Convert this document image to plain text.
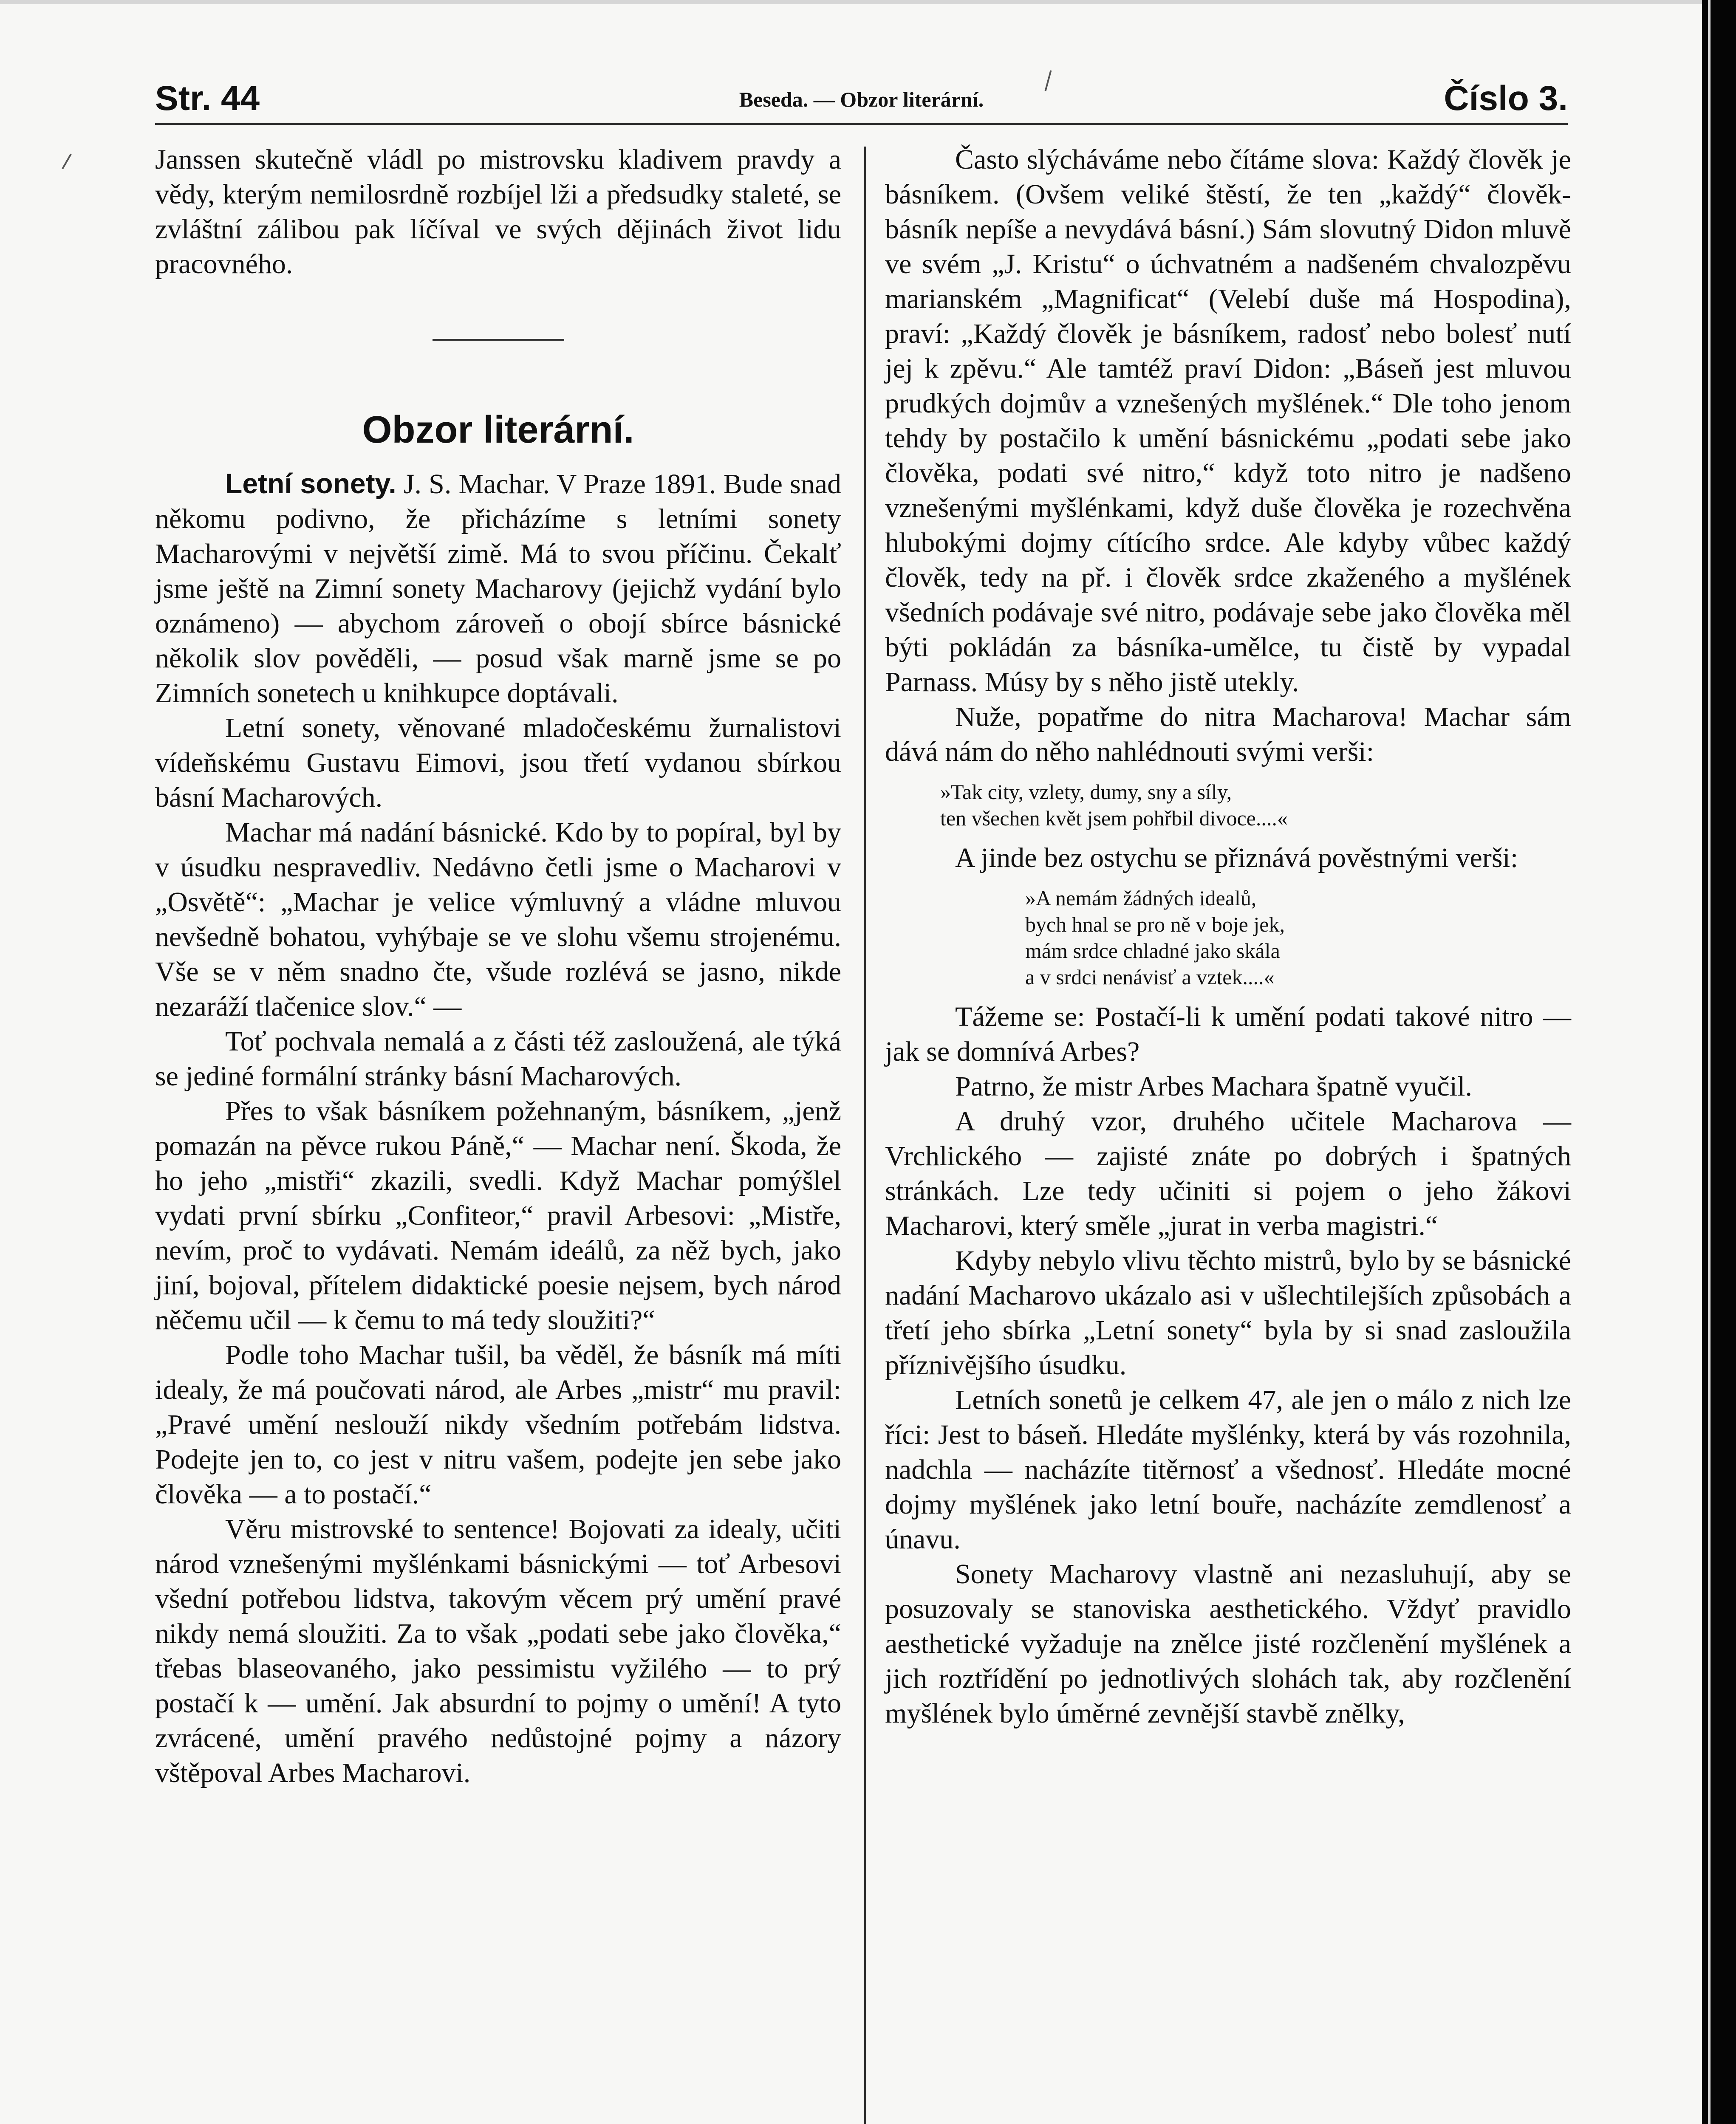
Str. 44	Beseda. — Obzor literární.	Číslo 3.

Janssen skutečně vládl po mistrovsku kladivem pravdy a vědy, kterým nemilosrdně rozbíjel lži a předsudky staleté, se zvláštní zálibou pak líčíval ve svých dějinách život lidu pracovného.

Obzor literární.

Letní sonety. J. S. Machar. V Praze 1891. Bude snad někomu podivno, že přicházíme s letními sonety Macharovými v největší zimě. Má to svou příčinu. Čekalť jsme ještě na Zimní sonety Macharovy (jejichž vydání bylo oznámeno) — abychom zároveň o obojí sbírce básnické několik slov pověděli, — posud však marně jsme se po Zimních sonetech u knihkupce doptávali.

Letní sonety, věnované mladočeskému žurnalistovi vídeňskému Gustavu Eimovi, jsou třetí vydanou sbírkou básní Macharových.

Machar má nadání básnické. Kdo by to popíral, byl by v úsudku nespravedliv. Nedávno četli jsme o Macharovi v „Osvětě“: „Machar je velice výmluvný a vládne mluvou nevšedně bohatou, vyhýbaje se ve slohu všemu strojenému. Vše se v něm snadno čte, všude rozlévá se jasno, nikde nezaráží tlačenice slov.“ —

Toť pochvala nemalá a z části též zasloužená, ale týká se jediné formální stránky básní Macharových.

Přes to však básníkem požehnaným, básníkem, „jenž pomazán na pěvce rukou Páně,“ — Machar není. Škoda, že ho jeho „mistři“ zkazili, svedli. Když Machar pomýšlel vydati první sbírku „Confiteor,“ pravil Arbesovi: „Mistře, nevím, proč to vydávati. Nemám ideálů, za něž bych, jako jiní, bojoval, přítelem didaktické poesie nejsem, bych národ něčemu učil — k čemu to má tedy sloužiti?“

Podle toho Machar tušil, ba věděl, že básník má míti idealy, že má poučovati národ, ale Arbes „mistr“ mu pravil: „Pravé umění neslouží nikdy všedním potřebám lidstva. Podejte jen to, co jest v nitru vašem, podejte jen sebe jako člověka — a to postačí.“

Věru mistrovské to sentence! Bojovati za idealy, učiti národ vznešenými myšlénkami básnickými — toť Arbesovi všední potřebou lidstva, takovým věcem prý umění pravé nikdy nemá sloužiti. Za to však „podati sebe jako člověka,“ třebas blaseovaného, jako pessimistu vyžilého — to prý postačí k — umění. Jak absurdní to pojmy o umění! A tyto zvrácené, umění pravého nedůstojné pojmy a názory vštěpoval Arbes Macharovi.

Často slýcháváme nebo čítáme slova: Každý člověk je básníkem. (Ovšem veliké štěstí, že ten „každý“ člověk-básník nepíše a nevydává básní.) Sám slovutný Didon mluvě ve svém „J. Kristu“ o úchvatném a nadšeném chvalozpěvu marianském „Magnificat“ (Velebí duše má Hospodina), praví: „Každý člověk je básníkem, radosť nebo bolesť nutí jej k zpěvu.“ Ale tamtéž praví Didon: „Báseň jest mluvou prudkých dojmův a vznešených myšlének.“ Dle toho jenom tehdy by postačilo k umění básnickému „podati sebe jako člověka, podati své nitro,“ když toto nitro je nadšeno vznešenými myšlénkami, když duše člověka je rozechvěna hlubokými dojmy cítícího srdce. Ale kdyby vůbec každý člověk, tedy na př. i člověk srdce zkaženého a myšlének všedních podávaje své nitro, podávaje sebe jako člověka měl býti pokládán za básníka-umělce, tu čistě by vypadal Parnass. Músy by s něho jistě utekly.

Nuže, popatřme do nitra Macharova! Machar sám dává nám do něho nahlédnouti svými verši:

»Tak city, vzlety, dumy, sny a síly,
ten všechen květ jsem pohřbil divoce....«

A jinde bez ostychu se přiznává pověstnými verši:

»A nemám žádných idealů,
bych hnal se pro ně v boje jek,
mám srdce chladné jako skála
a v srdci nenávisť a vztek....«

Tážeme se: Postačí-li k umění podati takové nitro — jak se domnívá Arbes?

Patrno, že mistr Arbes Machara špatně vyučil.

A druhý vzor, druhého učitele Macharova — Vrchlického — zajisté znáte po dobrých i špatných stránkách. Lze tedy učiniti si pojem o jeho žákovi Macharovi, který směle „jurat in verba magistri.“

Kdyby nebylo vlivu těchto mistrů, bylo by se básnické nadání Macharovo ukázalo asi v ušlechtilejších způsobách a třetí jeho sbírka „Letní sonety“ byla by si snad zasloužila příznivějšího úsudku.

Letních sonetů je celkem 47, ale jen o málo z nich lze říci: Jest to báseň. Hledáte myšlénky, která by vás rozohnila, nadchla — nacházíte titěrnosť a všednosť. Hledáte mocné dojmy myšlének jako letní bouře, nacházíte zemdlenosť a únavu.

Sonety Macharovy vlastně ani nezasluhují, aby se posuzovaly se stanoviska aesthetického. Vždyť pravidlo aesthetické vyžaduje na znělce jisté rozčlenění myšlének a jich roztřídění po jednotlivých slohách tak, aby rozčlenění myšlének bylo úměrné zevnější stavbě znělky,
